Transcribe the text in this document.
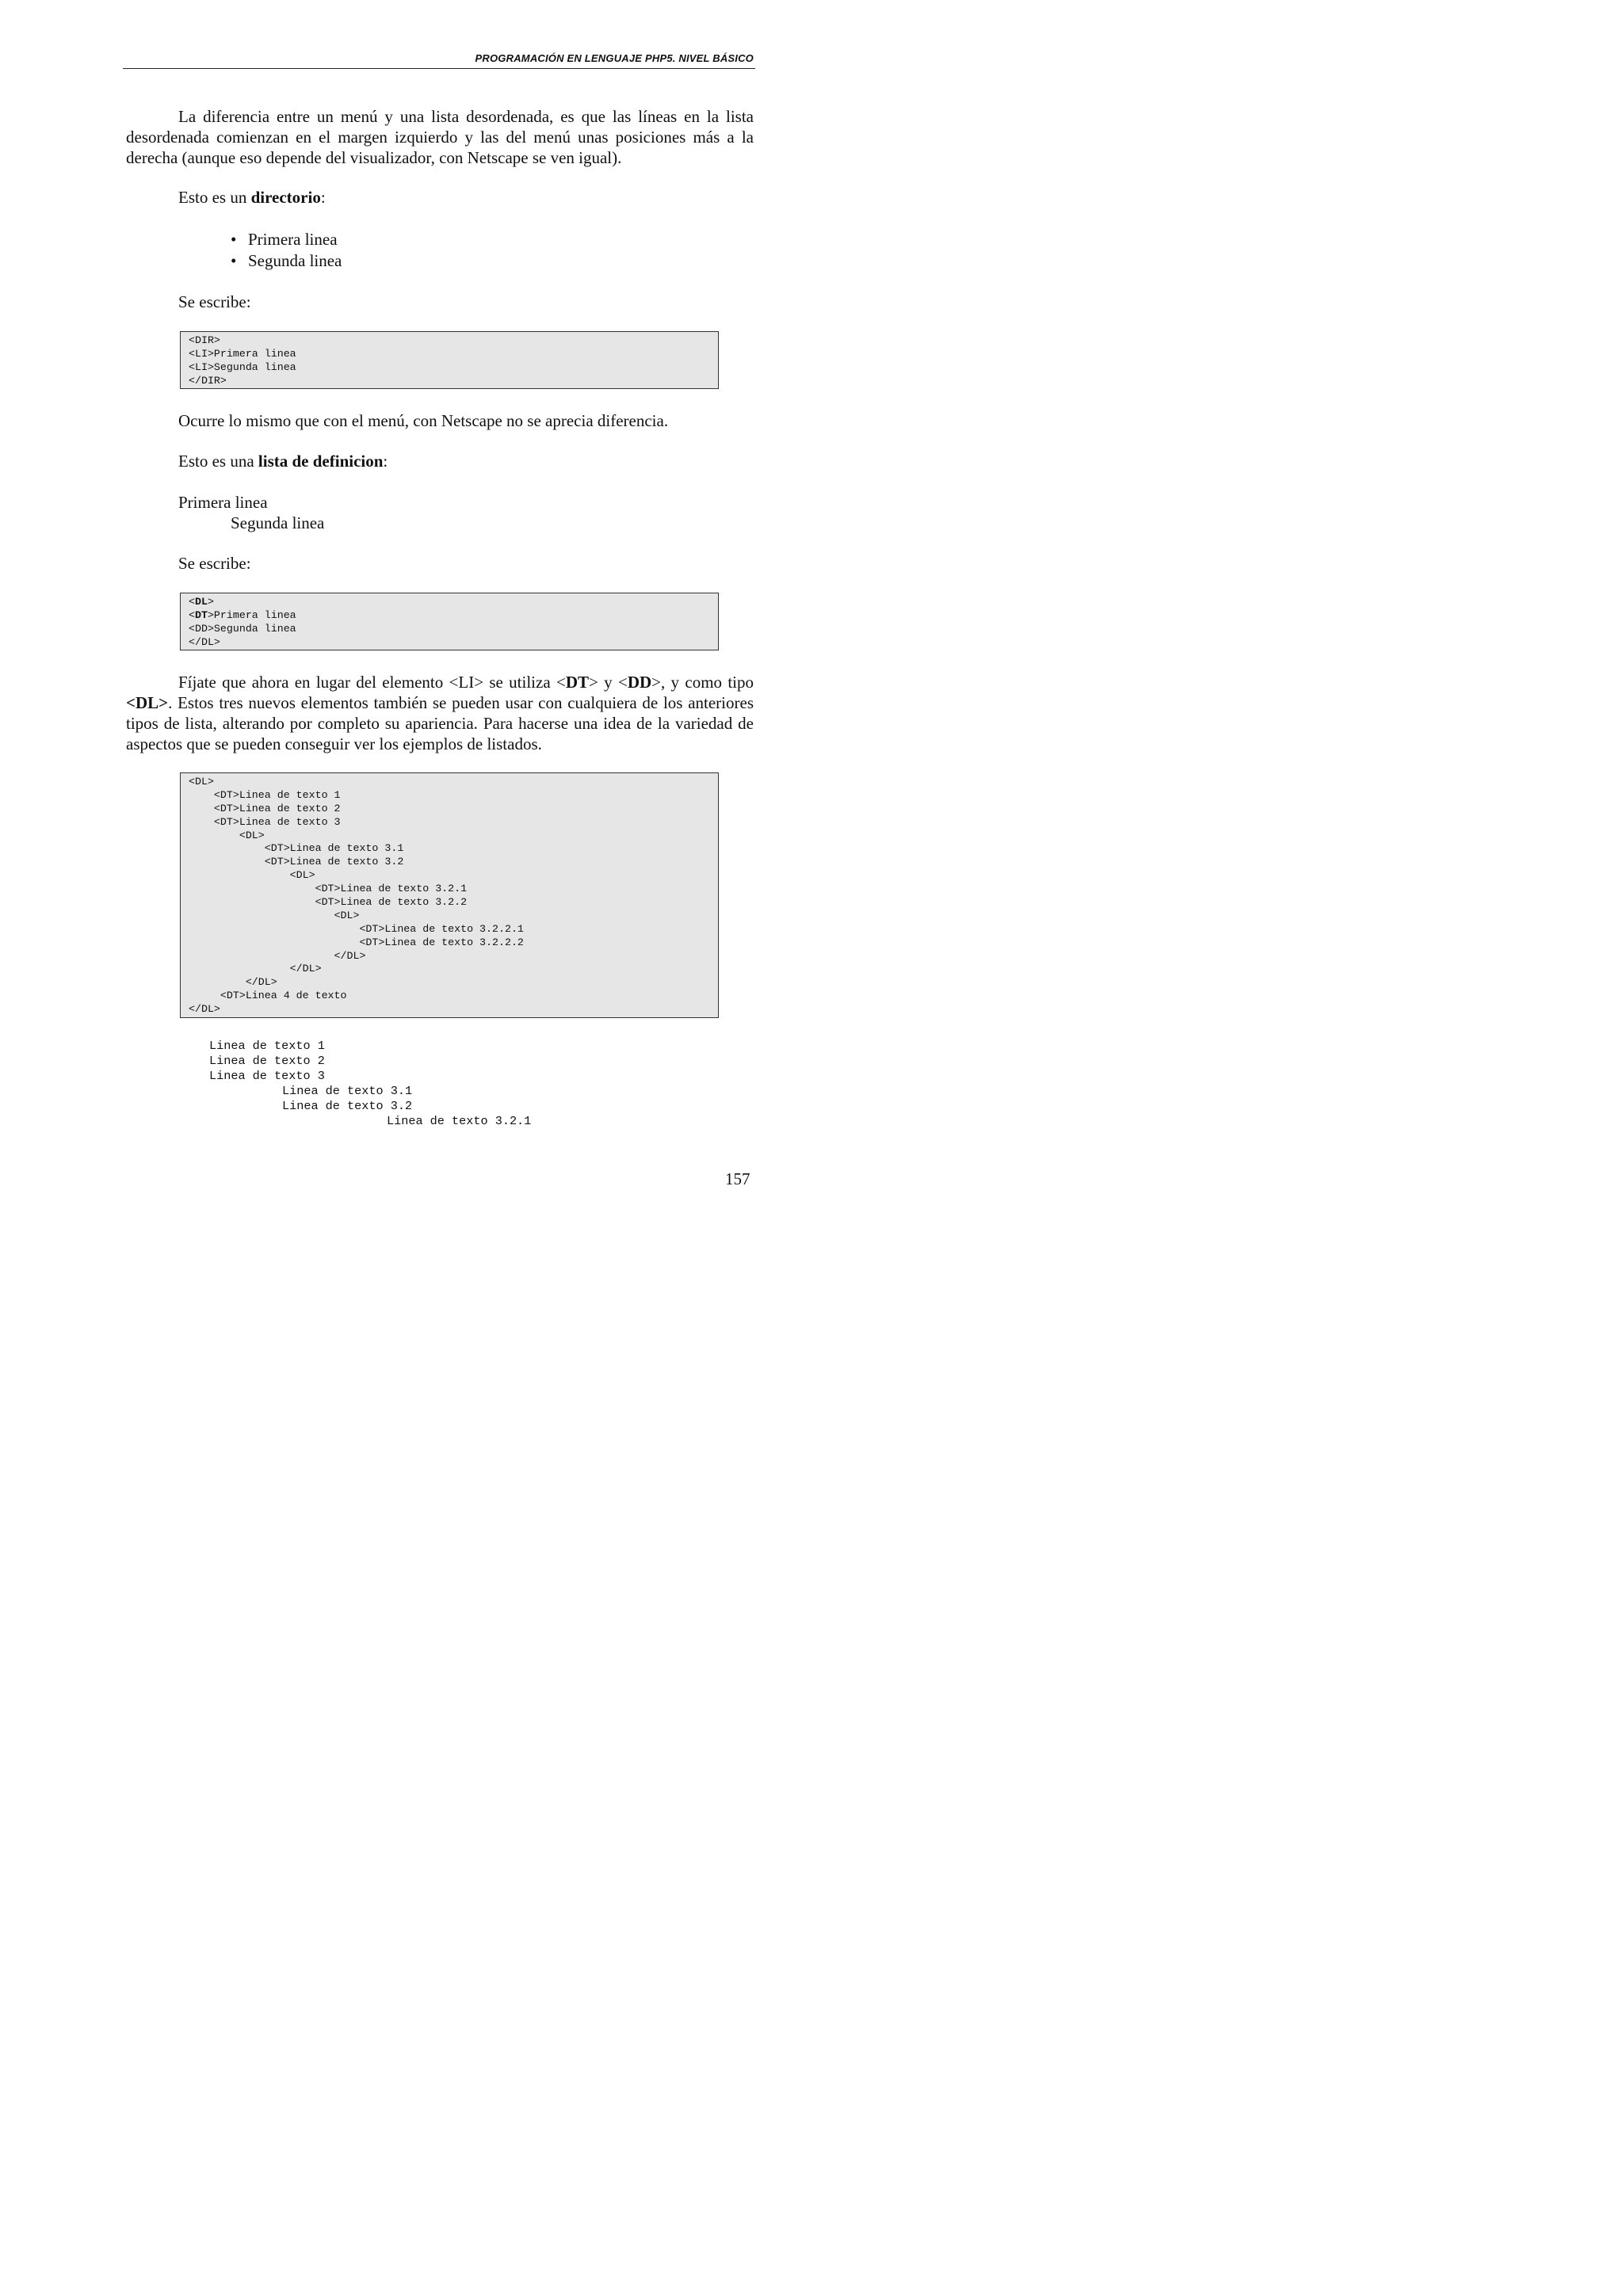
PROGRAMACIÓN EN LENGUAJE PHP5. NIVEL BÁSICO
La diferencia entre un menú y una lista desordenada, es que las líneas en la lista desordenada comienzan en el margen izquierdo y las del menú unas posiciones más a la derecha (aunque eso depende del visualizador, con Netscape se ven igual).
Esto es un directorio:
• Primera linea
• Segunda linea
Se escribe:
<DIR>
<LI>Primera linea
<LI>Segunda linea
</DIR>
Ocurre lo mismo que con el menú, con Netscape no se aprecia diferencia.
Esto es una lista de definicion:
Primera linea
Segunda linea
Se escribe:
<DL>
<DT>Primera linea
<DD>Segunda linea
</DL>
Fíjate que ahora en lugar del elemento <LI> se utiliza <DT> y <DD>, y como tipo <DL>. Estos tres nuevos elementos también se pueden usar con cualquiera de los anteriores tipos de lista, alterando por completo su apariencia. Para hacerse una idea de la variedad de aspectos que se pueden conseguir ver los ejemplos de listados.
<DL>
<DT>Linea de texto 1
<DT>Linea de texto 2
<DT>Linea de texto 3
<DL>
<DT>Linea de texto 3.1
<DT>Linea de texto 3.2
<DL>
<DT>Linea de texto 3.2.1
<DT>Linea de texto 3.2.2
<DL>
<DT>Linea de texto 3.2.2.1
<DT>Linea de texto 3.2.2.2
</DL>
</DL>
</DL>
<DT>Linea 4 de texto
</DL>
Linea de texto 1
Linea de texto 2
Linea de texto 3
Linea de texto 3.1
Linea de texto 3.2
Linea de texto 3.2.1
157
